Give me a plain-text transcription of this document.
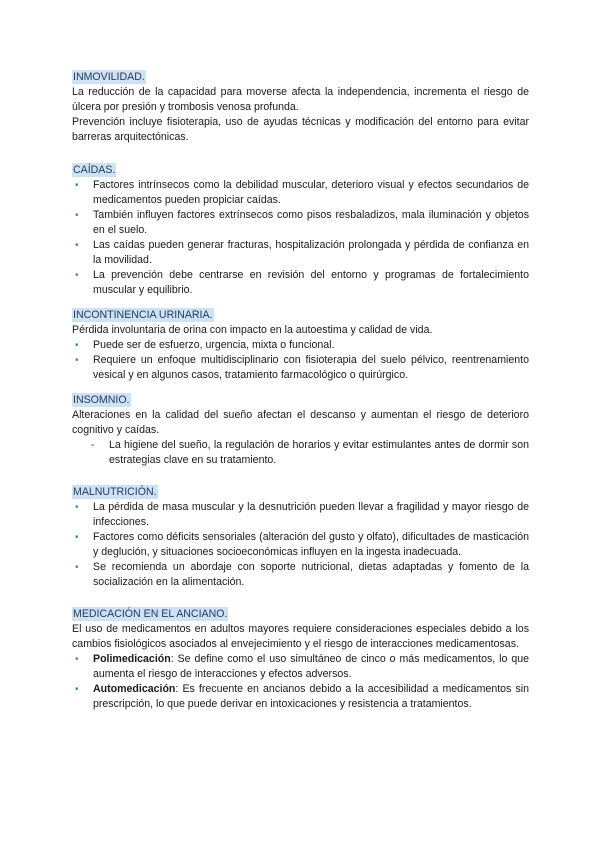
INMOVILIDAD.

La reducción de la capacidad para moverse afecta la independencia, incrementa el riesgo de úlcera por presión y trombosis venosa profunda.

Prevención incluye fisioterapia, uso de ayudas técnicas y modificación del entorno para evitar barreras arquitectónicas.

CAÍDAS.
• Factores intrínsecos como la debilidad muscular, deterioro visual y efectos secundarios de medicamentos pueden propiciar caídas.
• También influyen factores extrínsecos como pisos resbaladizos, mala iluminación y objetos en el suelo.
• Las caídas pueden generar fracturas, hospitalización prolongada y pérdida de confianza en la movilidad.
• La prevención debe centrarse en revisión del entorno y programas de fortalecimiento muscular y equilibrio.
INCONTINENCIA URINARIA.

Pérdida involuntaria de orina con impacto en la autoestima y calidad de vida.

• Puede ser de esfuerzo, urgencia, mixta o funcional.
• Requiere un enfoque multidisciplinario con fisioterapia del suelo pélvico, reentrenamiento vesical y en algunos casos, tratamiento farmacológico o quirúrgico.
INSOMNIO.

Alteraciones en la calidad del sueño afectan el descanso y aumentan el riesgo de deterioro cognitivo y caídas.

- La higiene del sueño, la regulación de horarios y evitar estimulantes antes de dormir son estrategias clave en su tratamiento.
MALNUTRICIÓN.
• La pérdida de masa muscular y la desnutrición pueden llevar a fragilidad y mayor riesgo de infecciones.
• Factores como déficits sensoriales (alteración del gusto y olfato), dificultades de masticación y deglución, y situaciones socioeconómicas influyen en la ingesta inadecuada.
• Se recomienda un abordaje con soporte nutricional, dietas adaptadas y fomento de la socialización en la alimentación.
MEDICACIÓN EN EL ANCIANO.

El uso de medicamentos en adultos mayores requiere consideraciones especiales debido a los cambios fisiológicos asociados al envejecimiento y el riesgo de interacciones medicamentosas.

• Polimedicación: Se define como el uso simultáneo de cinco o más medicamentos, lo que aumenta el riesgo de interacciones y efectos adversos.
• Automedicación: Es frecuente en ancianos debido a la accesibilidad a medicamentos sin prescripción, lo que puede derivar en intoxicaciones y resistencia a tratamientos.
